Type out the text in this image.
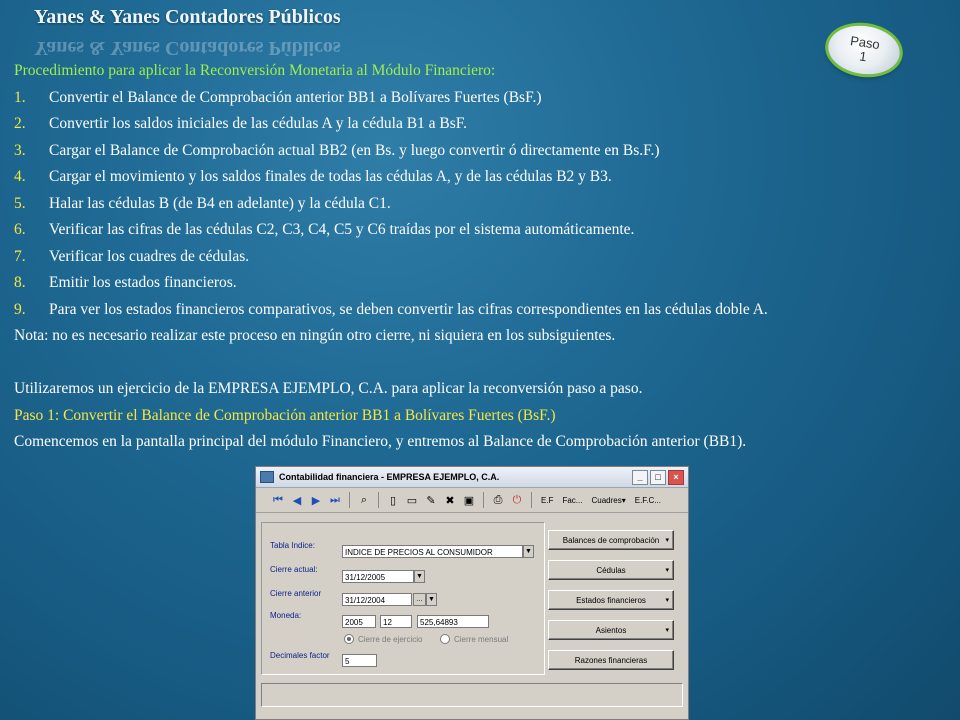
Yanes & Yanes Contadores Públicos
Yanes & Yanes Contadores Públicos	Paso
1
Procedimiento para aplicar la Reconversión Monetaria al Módulo Financiero:
1.	Convertir el Balance de Comprobación anterior BB1 a Bolívares Fuertes (BsF.)
2.	Convertir los saldos iniciales de las cédulas A y la cédula B1 a BsF.
3.	Cargar el Balance de Comprobación actual BB2 (en Bs. y luego convertir ó directamente en Bs.F.)
4.	Cargar el movimiento y los saldos finales de todas las cédulas A, y de las cédulas B2 y B3.
5.	Halar las cédulas B (de B4 en adelante) y la cédula C1.
6.	Verificar las cifras de las cédulas C2, C3, C4, C5 y C6 traídas por el sistema automáticamente.
7.	Verificar los cuadres de cédulas.
8.	Emitir los estados financieros.
9.	Para ver los estados financieros comparativos, se deben convertir las cifras correspondientes en las cédulas doble A.
Nota: no es necesario realizar este proceso en ningún otro cierre, ni siquiera en los subsiguientes.
Utilizaremos un ejercicio de la EMPRESA EJEMPLO, C.A. para aplicar la reconversión paso a paso.
Paso 1: Convertir el Balance de Comprobación anterior BB1 a Bolívares Fuertes (BsF.)
Comencemos en la pantalla principal del módulo Financiero, y entremos al Balance de Comprobación anterior (BB1).
Contabilidad financiera - EMPRESA EJEMPLO, C.A.	_	□	×
⏮ ◀ ▶ ⏭	⌕	▯ ▭ ✎ ✖ ▣	⎙ ⏻	E.F	Fac...	Cuadres ▾	E.F.C...
Tabla Indice:
INDICE DE PRECIOS AL CONSUMIDOR	▼
Cierre actual:
31/12/2005	▼
Cierre anterior
31/12/2004	... ▼
Moneda:
2005	12	525,64893
Cierre de ejercicio	Cierre mensual
Decimales factor
5
Balances de comprobación ▾
Cédulas	▾
Estados financieros	▾
Asientos	▾
Razones financieras
